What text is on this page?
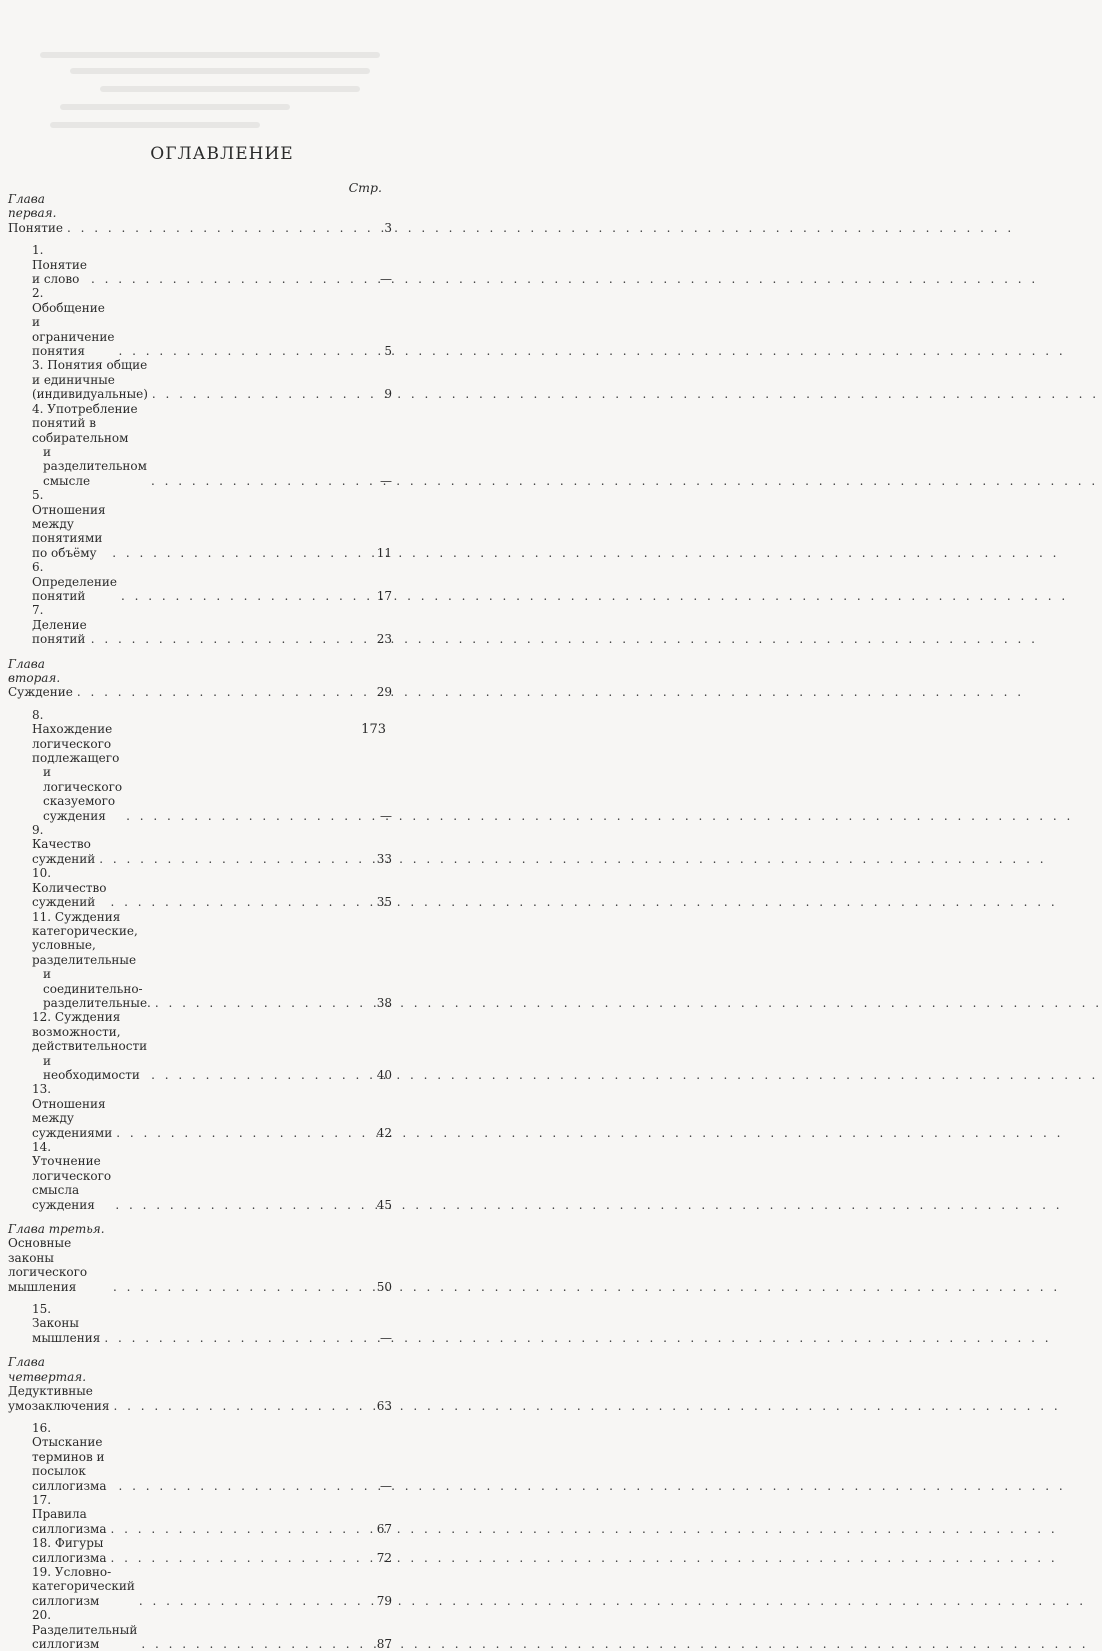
ОГЛАВЛЕНИЕ
Стр.
Глава первая. Понятие . . .	3
1. Понятие и слово . . .	—
2. Обобщение и ограничение понятия . . .	5
3. Понятия общие и единичные (индивидуальные) . . .	9
4. Употребление понятий в собирательном
и разделительном смысле . . .	—
5. Отношения между понятиями по объёму . . .	11
6. Определение понятий . . .	17
7. Деление понятий . . .	23
Глава вторая. Суждение . . .	29
8. Нахождение логического подлежащего
и логического сказуемого суждения . . .	—
9. Качество суждений . . .	33
10. Количество суждений . . .	35
11. Суждения категорические, условные, разделительные
и соединительно-разделительные. . . .	38
12. Суждения возможности, действительности
и необходимости . . .	40
13. Отношения между суждениями . . .	42
14. Уточнение логического смысла суждения . . .	45
Глава третья. Основные законы логического мышления . . .	50
15. Законы мышления . . .	—
Глава четвертая. Дедуктивные умозаключения . . .	63
16. Отыскание терминов и посылок силлогизма . . .	—
17. Правила силлогизма . . .	67
18. Фигуры силлогизма . . .	72
19. Условно-категорический силлогизм . . .	79
20. Разделительный силлогизм . . .	87
173
